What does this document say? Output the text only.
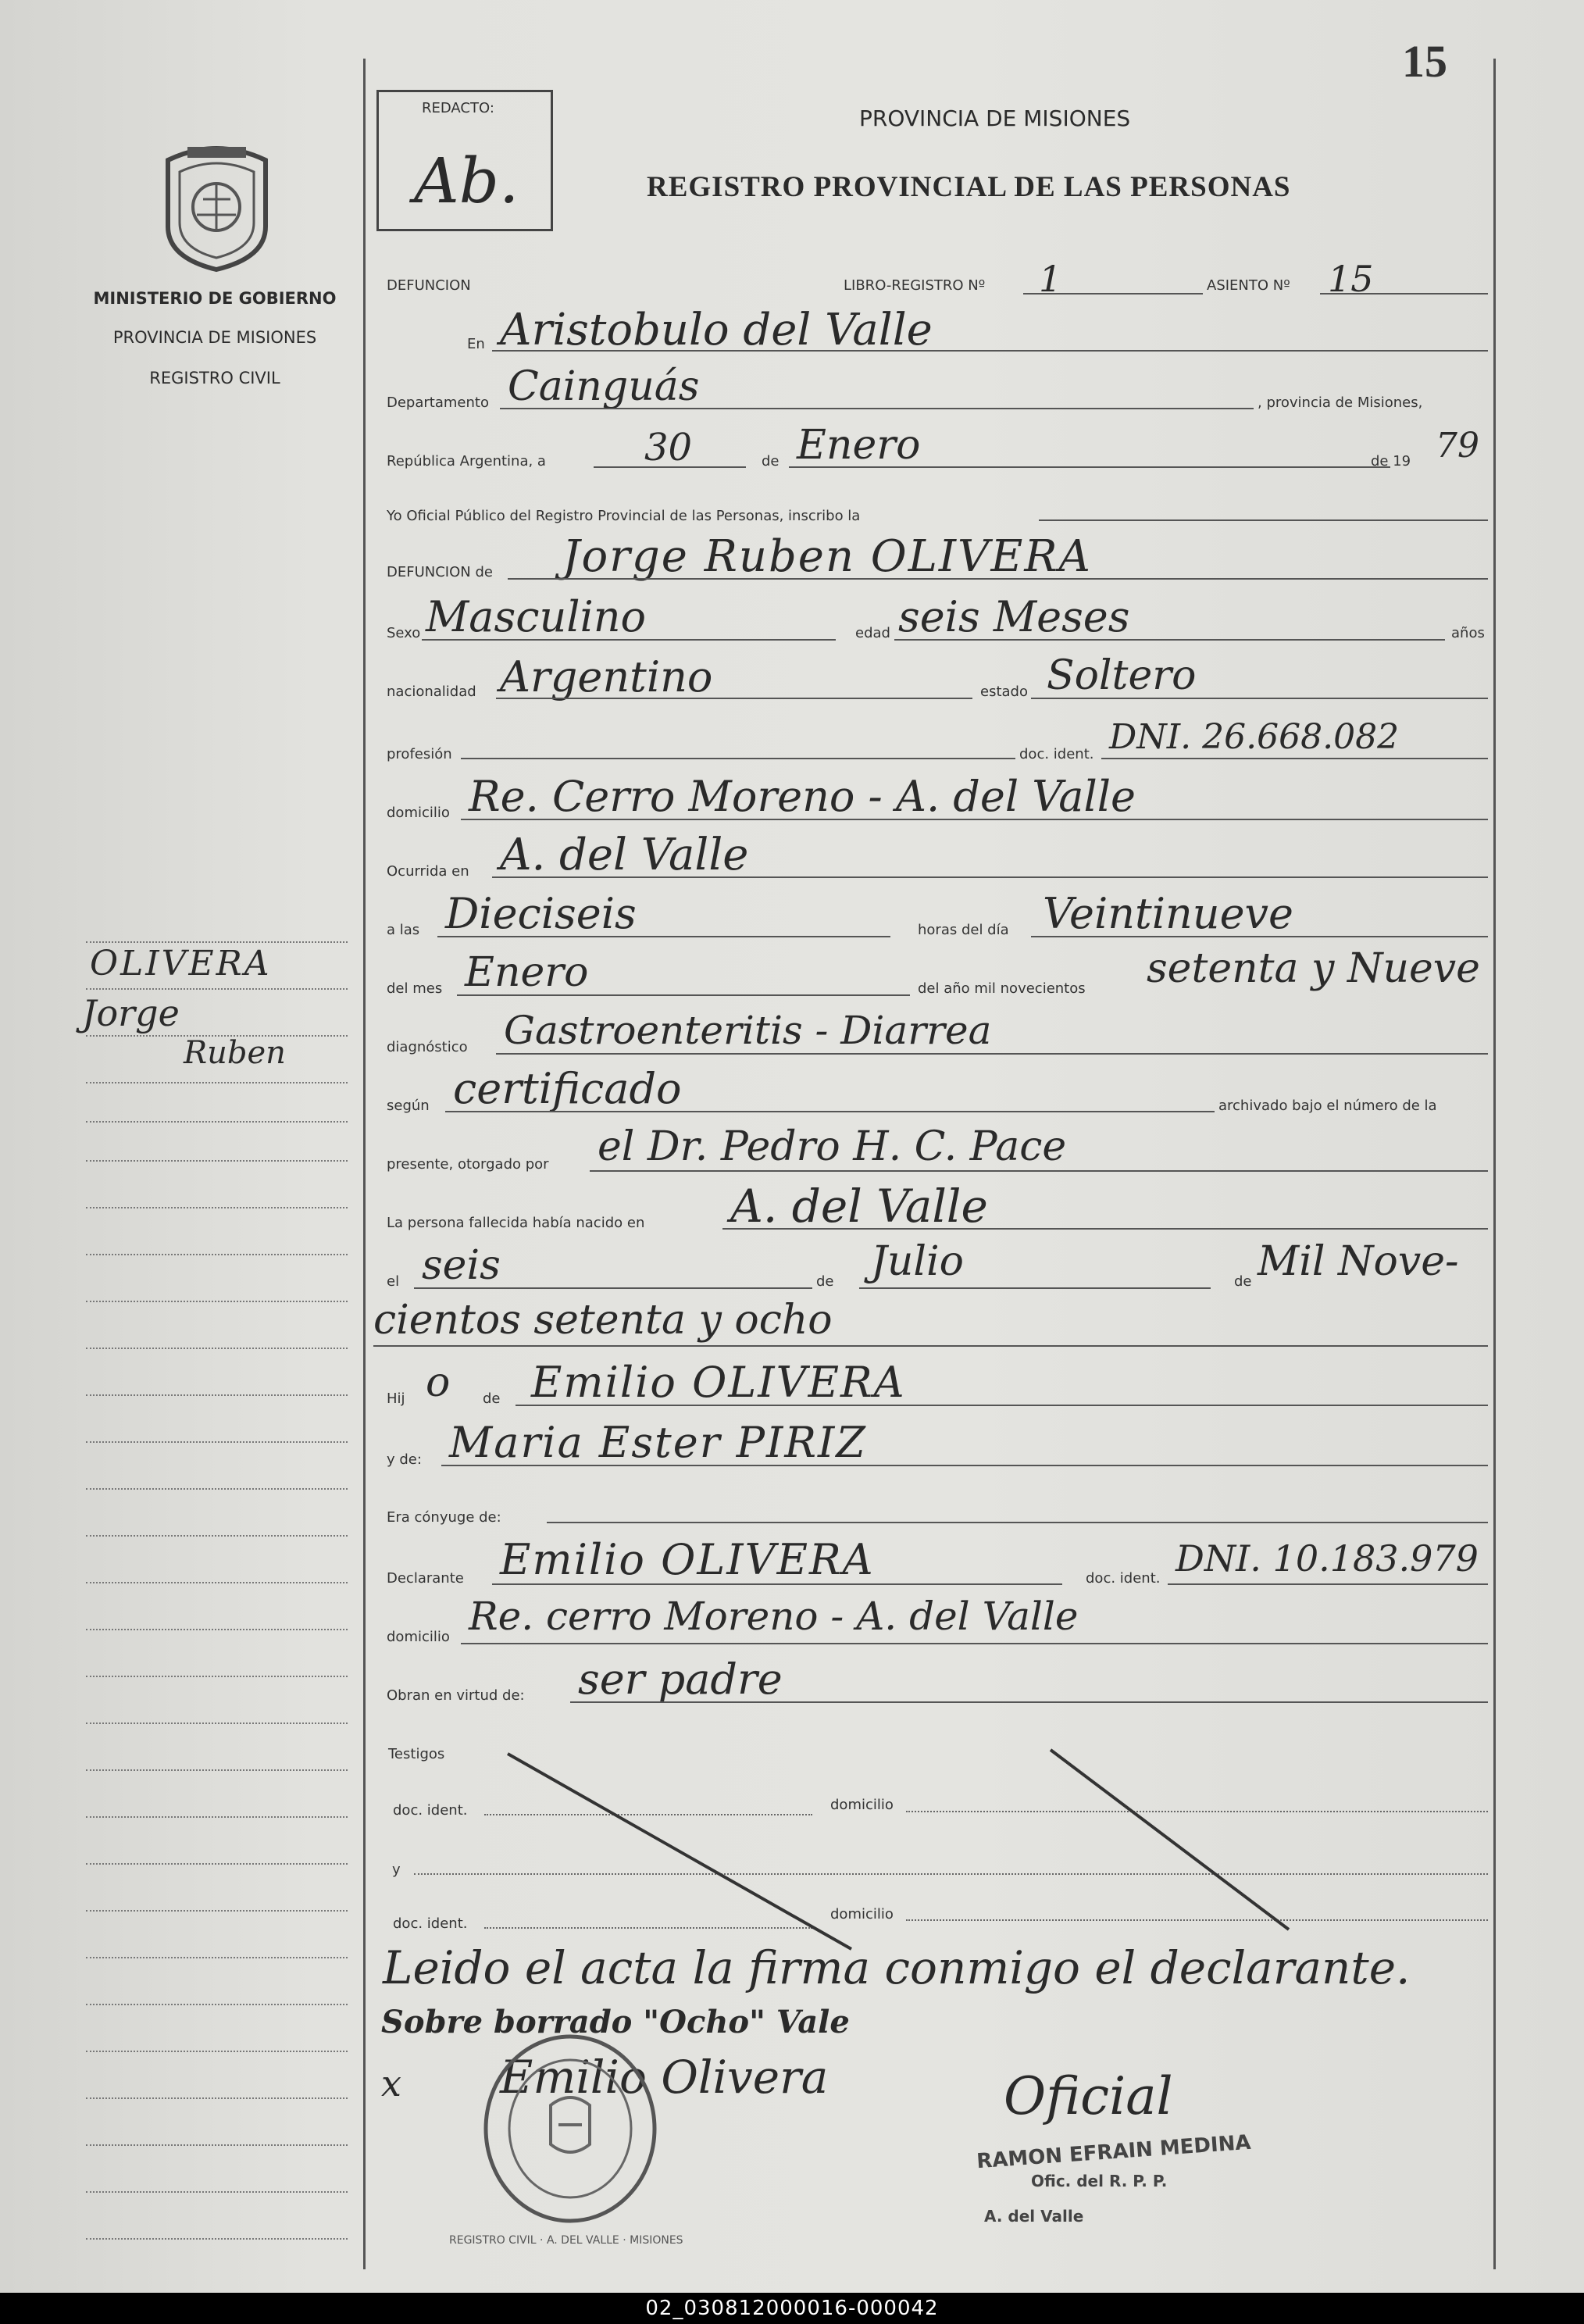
15
MINISTERIO DE GOBIERNO
PROVINCIA DE MISIONES
REGISTRO CIVIL
OLIVERA
Jorge
Ruben
REDACTO:
Ab.
PROVINCIA DE MISIONES
REGISTRO PROVINCIAL DE LAS PERSONAS
DEFUNCION	LIBRO-REGISTRO Nº 1	ASIENTO Nº 15
En Aristobulo del Valle
Departamento Cainguás	, provincia de Misiones,
República Argentina, a	30	de Enero	de 19 79
Yo Oficial Público del Registro Provincial de las Personas, inscribo la
DEFUNCION de Jorge Ruben OLIVERA
Sexo Masculino	edad seis Meses	años
nacionalidad Argentino	estado Soltero
profesión	doc. ident. DNI. 26.668.082
domicilio Re. Cerro Moreno - A. del Valle
Ocurrida en A. del Valle
a las Dieciseis	horas del día Veintinueve
del mes Enero	del año mil novecientos setenta y Nueve
diagnóstico Gastroenteritis - Diarrea
según certificado	archivado bajo el número de la
presente, otorgado por el Dr. Pedro H. C. Pace
La persona fallecida había nacido en A. del Valle
el seis	de Julio	de Mil Nove-
cientos setenta y ocho
Hij o de Emilio OLIVERA
y de: Maria Ester PIRIZ
Era cónyuge de:
Declarante Emilio OLIVERA	doc. ident. DNI. 10.183.979
domicilio Re. cerro Moreno - A. del Valle
Obran en virtud de: ser padre
Testigos
doc. ident.	domicilio
y
doc. ident.
domicilio
Leido el acta la firma conmigo el declarante.
Sobre borrado "Ocho" Vale
x Emilio Olivera	Oficial
REGISTRO CIVIL · A. DEL VALLE · MISIONES
RAMON EFRAIN MEDINA
Ofic. del R. P. P.
A. del Valle
02_030812000016-000042
